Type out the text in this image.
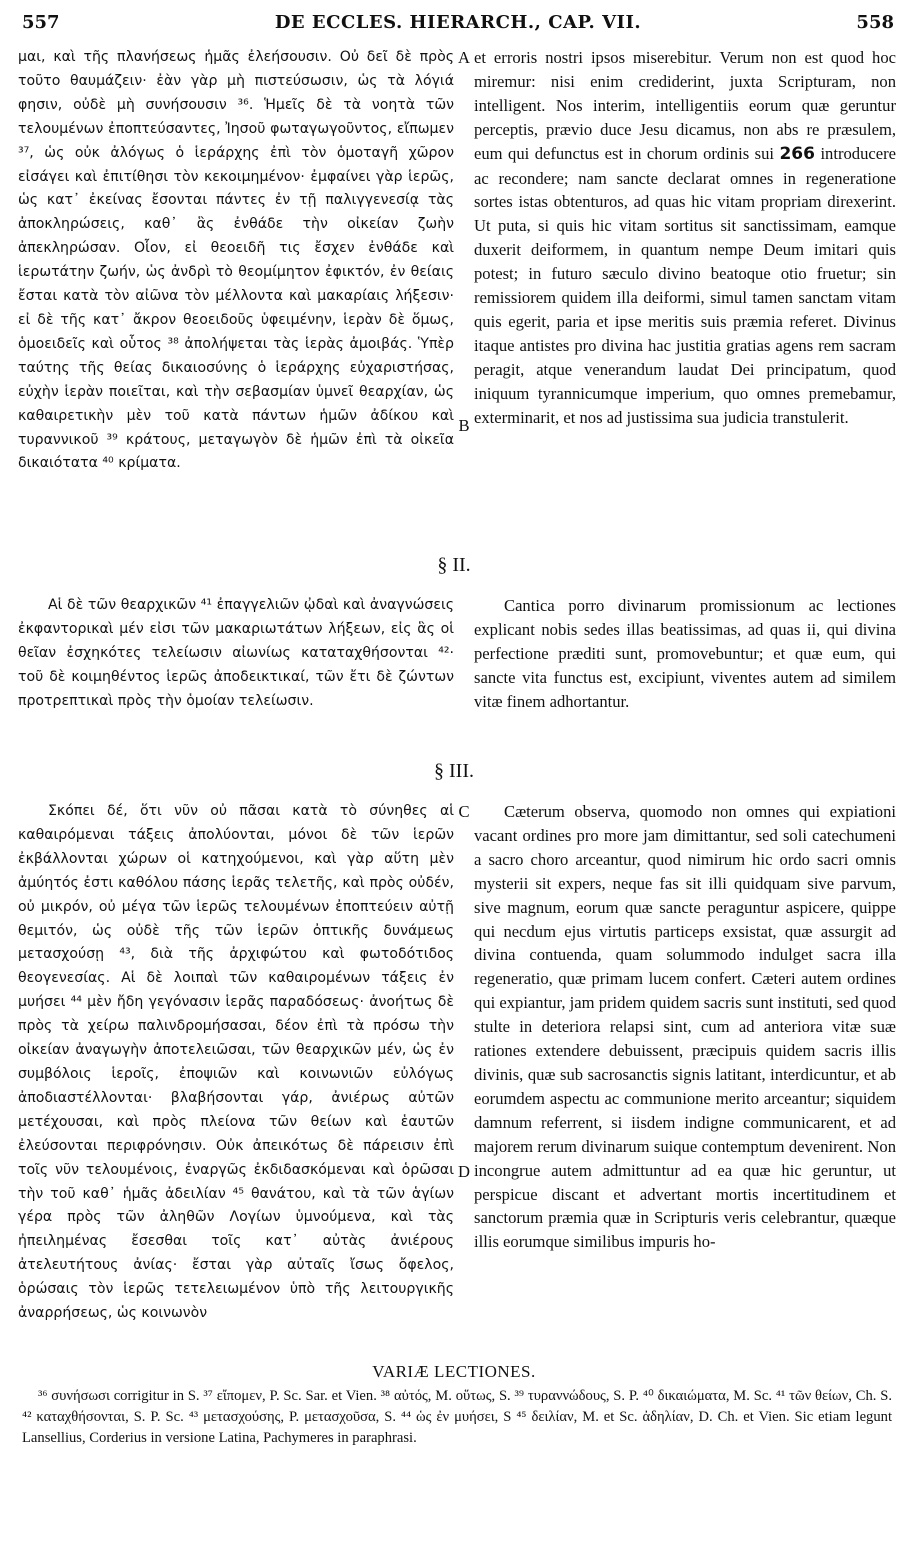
557	DE ECCLES. HIERARCH., CAP. VII.	558
μαι, καὶ τῆς πλανήσεως ἡμᾶς ἐλεήσουσιν. Οὐ δεῖ δὲ πρὸς τοῦτο θαυμάζειν· ἐὰν γὰρ μὴ πιστεύσωσιν, ὡς τὰ λόγιά φησιν, οὐδὲ μὴ συνήσουσιν ³⁶. Ἡμεῖς δὲ τὰ νοητὰ τῶν τελουμένων ἐποπτεύσαντες, Ἰησοῦ φωταγωγοῦντος, εἴπωμεν ³⁷, ὡς οὐκ ἀλόγως ὁ ἱεράρχης ἐπὶ τὸν ὁμοταγῆ χῶρον εἰσάγει καὶ ἐπιτίθησι τὸν κεκοιμημένον· ἐμφαίνει γὰρ ἱερῶς, ὡς κατ᾽ ἐκείνας ἔσονται πάντες ἐν τῇ παλιγγενεσίᾳ τὰς ἀποκληρώσεις, καθ᾽ ἃς ἐνθάδε τὴν οἰκείαν ζωὴν ἀπεκληρώσαν. Οἷον, εἰ θεοειδῆ τις ἔσχεν ἐνθάδε καὶ ἱερωτάτην ζωήν, ὡς ἀνδρὶ τὸ θεομίμητον ἐφικτόν, ἐν θείαις ἔσται κατὰ τὸν αἰῶνα τὸν μέλλοντα καὶ μακαρίαις λήξεσιν· εἰ δὲ τῆς κατ᾽ ἄκρον θεοειδοῦς ὑφειμένην, ἱερὰν δὲ ὅμως, ὁμοειδεῖς καὶ οὗτος ³⁸ ἀπολήψεται τὰς ἱερὰς ἀμοιβάς. Ὑπὲρ ταύτης τῆς θείας δικαιοσύνης ὁ ἱεράρχης εὐχαριστήσας, εὐχὴν ἱερὰν ποιεῖται, καὶ τὴν σεβασμίαν ὑμνεῖ θεαρχίαν, ὡς καθαιρετικὴν μὲν τοῦ κατὰ πάντων ἡμῶν ἀδίκου καὶ τυραννικοῦ ³⁹ κράτους, μεταγωγὸν δὲ ἡμῶν ἐπὶ τὰ οἰκεῖα δικαιότατα ⁴⁰ κρίματα.
A
B
et erroris nostri ipsos miserebitur. Verum non est quod hoc miremur: nisi enim crediderint, juxta Scripturam, non intelligent. Nos interim, intelligentiis eorum quæ geruntur perceptis, prævio duce Jesu dicamus, non abs re præsulem, eum qui defunctus est in chorum ordinis sui 266 introducere ac recondere; nam sancte declarat omnes in regeneratione sortes istas obtenturos, ad quas hic vitam propriam direxerint. Ut puta, si quis hic vitam sortitus sit sanctissimam, eamque duxerit deiformem, in quantum nempe Deum imitari quis potest; in futuro sæculo divino beatoque otio fruetur; sin remissiorem quidem illa deiformi, simul tamen sanctam vitam quis egerit, paria et ipse meritis suis præmia referet. Divinus itaque antistes pro divina hac justitia gratias agens rem sacram peragit, atque venerandum laudat Dei principatum, quod iniquum tyrannicumque imperium, quo omnes premebamur, exterminarit, et nos ad justissima sua judicia transtulerit.
§ II.
Αἱ δὲ τῶν θεαρχικῶν ⁴¹ ἐπαγγελιῶν ᾠδαὶ καὶ ἀναγνώσεις ἐκφαντορικαὶ μέν εἰσι τῶν μακαριωτάτων λήξεων, εἰς ἃς οἱ θεῖαν ἐσχηκότες τελείωσιν αἰωνίως καταταχθήσονται ⁴²· τοῦ δὲ κοιμηθέντος ἱερῶς ἀποδεικτικαί, τῶν ἔτι δὲ ζώντων προτρεπτικαὶ πρὸς τὴν ὁμοίαν τελείωσιν.
Cantica porro divinarum promissionum ac lectiones explicant nobis sedes illas beatissimas, ad quas ii, qui divina perfectione præditi sunt, promovebuntur; et quæ eum, qui sancte vita functus est, excipiunt, viventes autem ad similem vitæ finem adhortantur.
§ III.
Σκόπει δέ, ὅτι νῦν οὐ πᾶσαι κατὰ τὸ σύνηθες αἱ καθαιρόμεναι τάξεις ἀπολύονται, μόνοι δὲ τῶν ἱερῶν ἐκβάλλονται χώρων οἱ κατηχούμενοι, καὶ γὰρ αὕτη μὲν ἀμύητός ἐστι καθόλου πάσης ἱερᾶς τελετῆς, καὶ πρὸς οὐδέν, οὐ μικρόν, οὐ μέγα τῶν ἱερῶς τελουμένων ἐποπτεύειν αὐτῇ θεμιτόν, ὡς οὐδὲ τῆς τῶν ἱερῶν ὀπτικῆς δυνάμεως μετασχούσῃ ⁴³, διὰ τῆς ἀρχιφώτου καὶ φωτοδότιδος θεογενεσίας. Αἱ δὲ λοιπαὶ τῶν καθαιρομένων τάξεις ἐν μυήσει ⁴⁴ μὲν ἤδη γεγόνασιν ἱερᾶς παραδόσεως· ἀνοήτως δὲ πρὸς τὰ χείρω παλινδρομήσασαι, δέον ἐπὶ τὰ πρόσω τὴν οἰκείαν ἀναγωγὴν ἀποτελειῶσαι, τῶν θεαρχικῶν μέν, ὡς ἐν συμβόλοις ἱεροῖς, ἐποψιῶν καὶ κοινωνιῶν εὐλόγως ἀποδιαστέλλονται· βλαβήσονται γάρ, ἀνιέρως αὐτῶν μετέχουσαι, καὶ πρὸς πλείονα τῶν θείων καὶ ἑαυτῶν ἐλεύσονται περιφρόνησιν. Οὐκ ἀπεικότως δὲ πάρεισιν ἐπὶ τοῖς νῦν τελουμένοις, ἐναργῶς ἐκδιδασκόμεναι καὶ ὁρῶσαι τὴν τοῦ καθ᾽ ἡμᾶς ἀδειλίαν ⁴⁵ θανάτου, καὶ τὰ τῶν ἁγίων γέρα πρὸς τῶν ἀληθῶν Λογίων ὑμνούμενα, καὶ τὰς ἠπειλημένας ἔσεσθαι τοῖς κατ᾽ αὐτὰς ἀνιέρους ἀτελευτήτους ἀνίας· ἔσται γὰρ αὐταῖς ἴσως ὄφελος, ὁρώσαις τὸν ἱερῶς τετελειωμένον ὑπὸ τῆς λειτουργικῆς ἀναρρήσεως, ὡς κοινωνὸν
C
D
Cæterum observa, quomodo non omnes qui expiationi vacant ordines pro more jam dimittantur, sed soli catechumeni a sacro choro arceantur, quod nimirum hic ordo sacri omnis mysterii sit expers, neque fas sit illi quidquam sive parvum, sive magnum, eorum quæ sancte peraguntur aspicere, quippe qui necdum ejus virtutis particeps exsistat, quæ assurgit ad divina contuenda, quam solummodo indulget sacra illa regeneratio, quæ primam lucem confert. Cæteri autem ordines qui expiantur, jam pridem quidem sacris sunt instituti, sed quod stulte in deteriora relapsi sint, cum ad anteriora vitæ suæ rationes extendere debuissent, præcipuis quidem sacris illis divinis, quæ sub sacrosanctis signis latitant, interdicuntur, et ab eorumdem aspectu ac communione merito arceantur; siquidem damnum referrent, si iisdem indigne communicarent, et ad majorem rerum divinarum suique contemptum devenirent. Non incongrue autem admittuntur ad ea quæ hic geruntur, ut perspicue discant et advertant mortis incertitudinem et sanctorum præmia quæ in Scripturis veris celebrantur, quæque illis eorumque similibus impuris ho-
VARIÆ LECTIONES.
³⁶ συνήσωσι corrigitur in S. ³⁷ εἴπομεν, P. Sc. Sar. et Vien. ³⁸ αὐτός, M. οὕτως, S. ³⁹ τυραννώδους, S. P. ⁴⁰ δικαιώματα, M. Sc. ⁴¹ τῶν θείων, Ch. S. ⁴² καταχθήσονται, S. P. Sc. ⁴³ μετασχούσης, P. μετασχοῦσα, S. ⁴⁴ ὡς ἐν μυήσει, S ⁴⁵ δειλίαν, M. et Sc. ἀδηλίαν, D. Ch. et Vien. Sic etiam legunt Lansellius, Corderius in versione Latina, Pachymeres in paraphrasi.
